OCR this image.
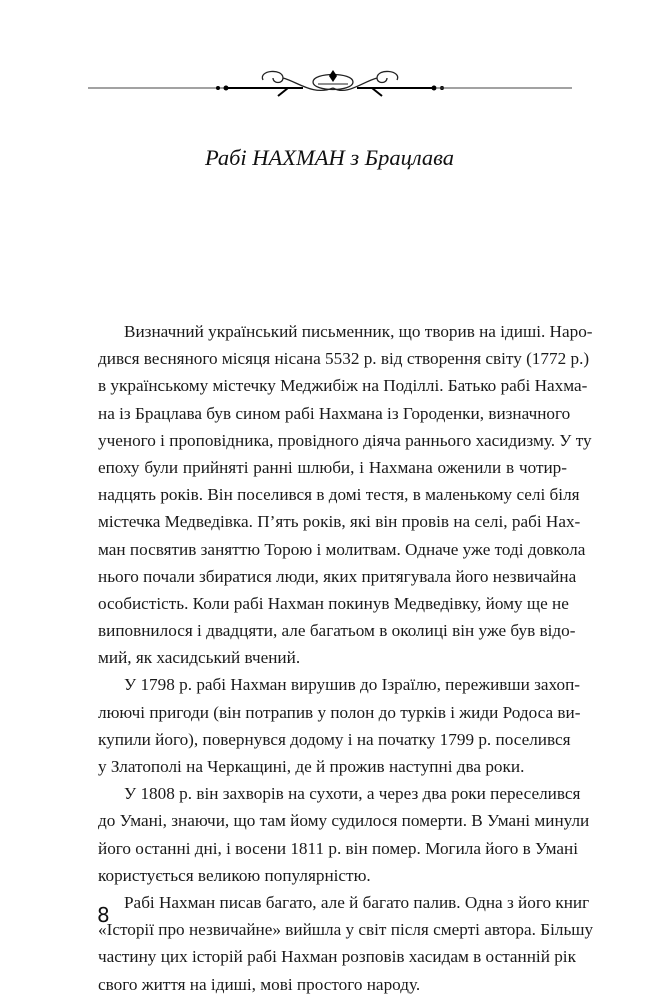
Рабі НАХМАН з Брацлава
Визначний український письменник, що творив на ідиші. Наро-
дився весняного місяця нісана 5532 р. від створення світу (1772 р.)
в українському містечку Меджибіж на Поділлі. Батько рабі Нахма-
на із Брацлава був сином рабі Нахмана із Городенки, визначного
ученого і проповідника, провідного діяча раннього хасидизму. У ту
епоху були прийняті ранні шлюби, і Нахмана оженили в чотир-
надцять років. Він поселився в домі тестя, в маленькому селі біля
містечка Медведівка. П’ять років, які він провів на селі, рабі Нах-
ман посвятив заняттю Торою і молитвам. Одначе уже тоді довкола
нього почали збиратися люди, яких притягувала його незвичайна
особистість. Коли рабі Нахман покинув Медведівку, йому ще не
виповнилося і двадцяти, але багатьом в околиці він уже був відо-
мий, як хасидський вчений.
У 1798 р. рабі Нахман вирушив до Ізраїлю, переживши захоп-
люючі пригоди (він потрапив у полон до турків і жиди Родоса ви-
купили його), повернувся додому і на початку 1799 р. поселився
у Златополі на Черкащині, де й прожив наступні два роки.
У 1808 р. він захворів на сухоти, а через два роки переселився
до Умані, знаючи, що там йому судилося померти. В Умані минули
його останні дні, і восени 1811 р. він помер. Могила його в Умані
користується великою популярністю.
Рабі Нахман писав багато, але й багато палив. Одна з його книг
«Історії про незвичайне» вийшла у світ після смерті автора. Більшу
частину цих історій рабі Нахман розповів хасидам в останній рік
свого життя на ідиші, мові простого народу.
8
